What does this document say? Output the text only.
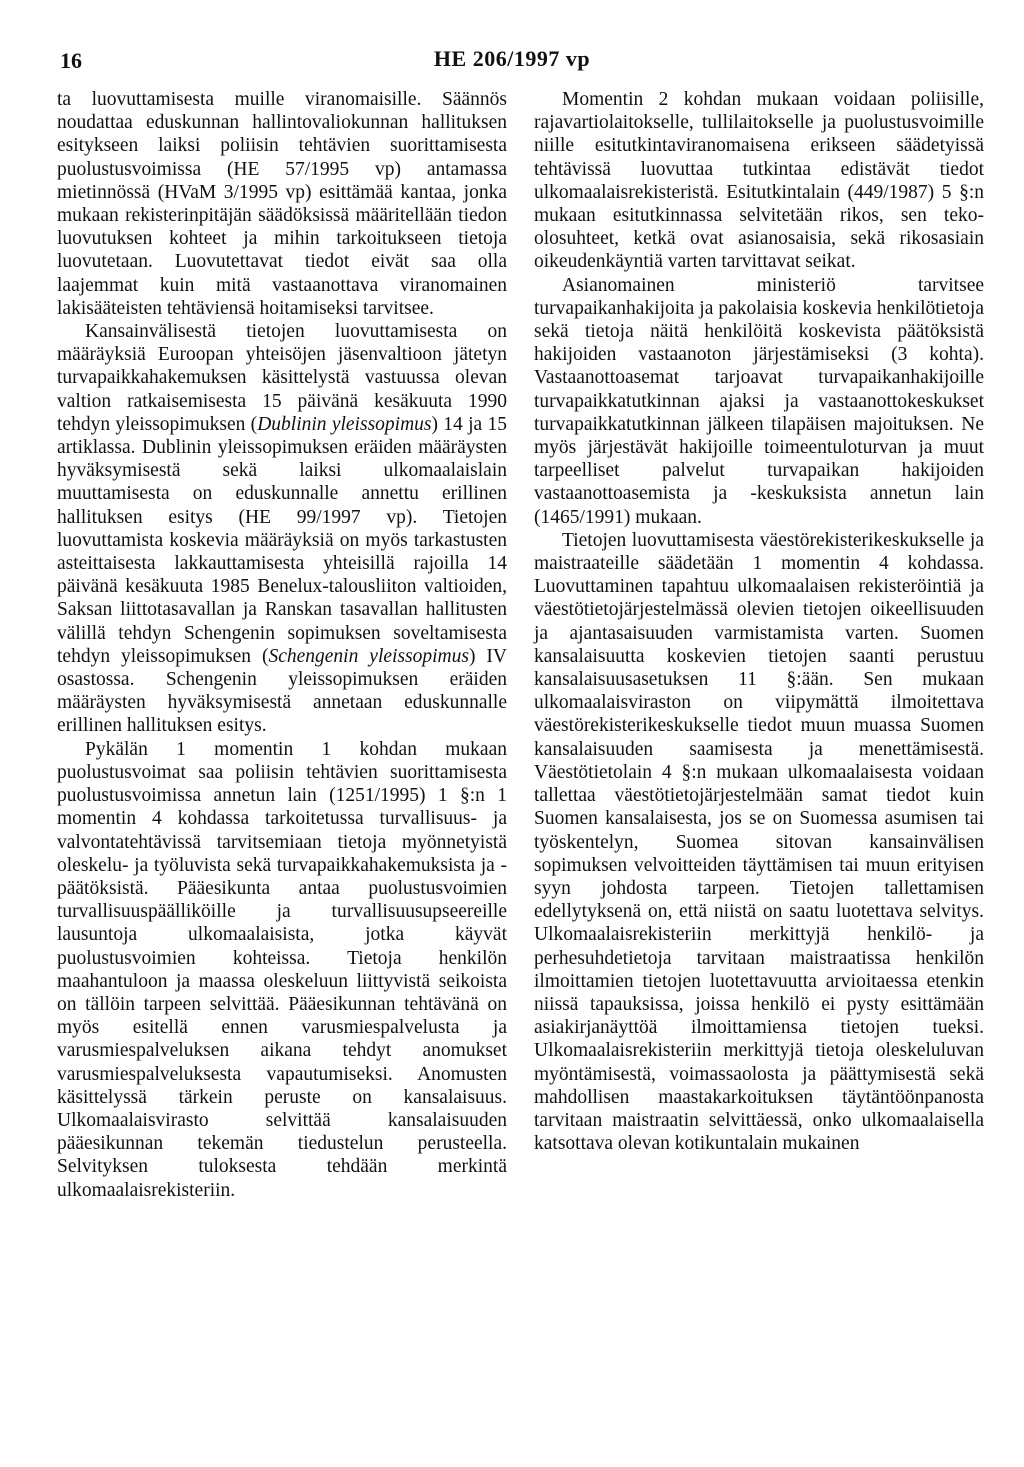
16	HE 206/1997 vp

ta luovuttamisesta muille viranomaisille. Säännös noudattaa eduskunnan hallintovaliokunnan hallituksen esitykseen laiksi poliisin tehtävien suorittamisesta puolustusvoimissa (HE 57/1995 vp) antamassa mietinnössä (HVaM 3/1995 vp) esittämää kantaa, jonka mukaan rekisterinpitäjän säädöksissä määritellään tiedon luovutuksen kohteet ja mihin tarkoitukseen tietoja luovutetaan. Luovutettavat tiedot eivät saa olla laajemmat kuin mitä vastaanottava viranomainen lakisääteisten tehtäviensä hoitamiseksi tarvitsee.

Kansainvälisestä tietojen luovuttamisesta on määräyksiä Euroopan yhteisöjen jäsenvaltioon jätetyn turvapaikkahakemuksen käsittelystä vastuussa olevan valtion ratkaisemisesta 15 päivänä kesäkuuta 1990 tehdyn yleissopimuksen (Dublinin yleissopimus) 14 ja 15 artiklassa. Dublinin yleissopimuksen eräiden määräysten hyväksymisestä sekä laiksi ulkomaalaislain muuttamisesta on eduskunnalle annettu erillinen hallituksen esitys (HE 99/1997 vp). Tietojen luovuttamista koskevia määräyksiä on myös tarkastusten asteittaisesta lakkauttamisesta yhteisillä rajoilla 14 päivänä kesäkuuta 1985 Benelux-talousliiton valtioiden, Saksan liittotasavallan ja Ranskan tasavallan hallitusten välillä tehdyn Schengenin sopimuksen soveltamisesta tehdyn yleissopimuksen (Schengenin yleissopimus) IV osastossa. Schengenin yleissopimuksen eräiden määräysten hyväksymisestä annetaan eduskunnalle erillinen hallituksen esitys.

Pykälän 1 momentin 1 kohdan mukaan puolustusvoimat saa poliisin tehtävien suorittamisesta puolustusvoimissa annetun lain (1251/1995) 1 §:n 1 momentin 4 kohdassa tarkoitetussa turvallisuus- ja valvontatehtävissä tarvitsemiaan tietoja myönnetyistä oleskelu- ja työluvista sekä turvapaikkahakemuksista ja -päätöksistä. Pääesikunta antaa puolustusvoimien turvallisuuspäälliköille ja turvallisuusupseereille lausuntoja ulkomaalaisista, jotka käyvät puolustusvoimien kohteissa. Tietoja henkilön maahantuloon ja maassa oleskeluun liittyvistä seikoista on tällöin tarpeen selvittää. Pääesikunnan tehtävänä on myös esitellä ennen varusmiespalvelusta ja varusmiespalveluksen aikana tehdyt anomukset varusmiespalveluksesta vapautumiseksi. Anomusten käsittelyssä tärkein peruste on kansalaisuus. Ulkomaalaisvirasto selvittää kansalaisuuden pääesikunnan tekemän tiedustelun perusteella. Selvityksen tuloksesta tehdään merkintä ulkomaalaisrekisteriin.

Momentin 2 kohdan mukaan voidaan poliisille, rajavartiolaitokselle, tullilaitokselle ja puolustusvoimille niille esitutkintaviranomaisena erikseen säädetyissä tehtävissä luovuttaa tutkintaa edistävät tiedot ulkomaalaisrekisteristä. Esitutkintalain (449/1987) 5 §:n mukaan esitutkinnassa selvitetään rikos, sen teko-olosuhteet, ketkä ovat asianosaisia, sekä rikosasiain oikeudenkäyntiä varten tarvittavat seikat.

Asianomainen ministeriö tarvitsee turvapaikanhakijoita ja pakolaisia koskevia henkilötietoja sekä tietoja näitä henkilöitä koskevista päätöksistä hakijoiden vastaanoton järjestämiseksi (3 kohta). Vastaanottoasemat tarjoavat turvapaikanhakijoille turvapaikkatutkinnan ajaksi ja vastaanottokeskukset turvapaikkatutkinnan jälkeen tilapäisen majoituksen. Ne myös järjestävät hakijoille toimeentuloturvan ja muut tarpeelliset palvelut turvapaikan hakijoiden vastaanottoasemista ja -keskuksista annetun lain (1465/1991) mukaan.

Tietojen luovuttamisesta väestörekisterikeskukselle ja maistraateille säädetään 1 momentin 4 kohdassa. Luovuttaminen tapahtuu ulkomaalaisen rekisteröintiä ja väestötietojärjestelmässä olevien tietojen oikeellisuuden ja ajantasaisuuden varmistamista varten. Suomen kansalaisuutta koskevien tietojen saanti perustuu kansalaisuusasetuksen 11 §:ään. Sen mukaan ulkomaalaisviraston on viipymättä ilmoitettava väestörekisterikeskukselle tiedot muun muassa Suomen kansalaisuuden saamisesta ja menettämisestä. Väestötietolain 4 §:n mukaan ulkomaalaisesta voidaan tallettaa väestötietojärjestelmään samat tiedot kuin Suomen kansalaisesta, jos se on Suomessa asumisen tai työskentelyn, Suomea sitovan kansainvälisen sopimuksen velvoitteiden täyttämisen tai muun erityisen syyn johdosta tarpeen. Tietojen tallettamisen edellytyksenä on, että niistä on saatu luotettava selvitys. Ulkomaalaisrekisteriin merkittyjä henkilö- ja perhesuhdetietoja tarvitaan maistraatissa henkilön ilmoittamien tietojen luotettavuutta arvioitaessa etenkin niissä tapauksissa, joissa henkilö ei pysty esittämään asiakirjanäyttöä ilmoittamiensa tietojen tueksi. Ulkomaalaisrekisteriin merkittyjä tietoja oleskeluluvan myöntämisestä, voimassaolosta ja päättymisestä sekä mahdollisen maastakarkoituksen täytäntöönpanosta tarvitaan maistraatin selvittäessä, onko ulkomaalaisella katsottava olevan kotikuntalain mukainen
